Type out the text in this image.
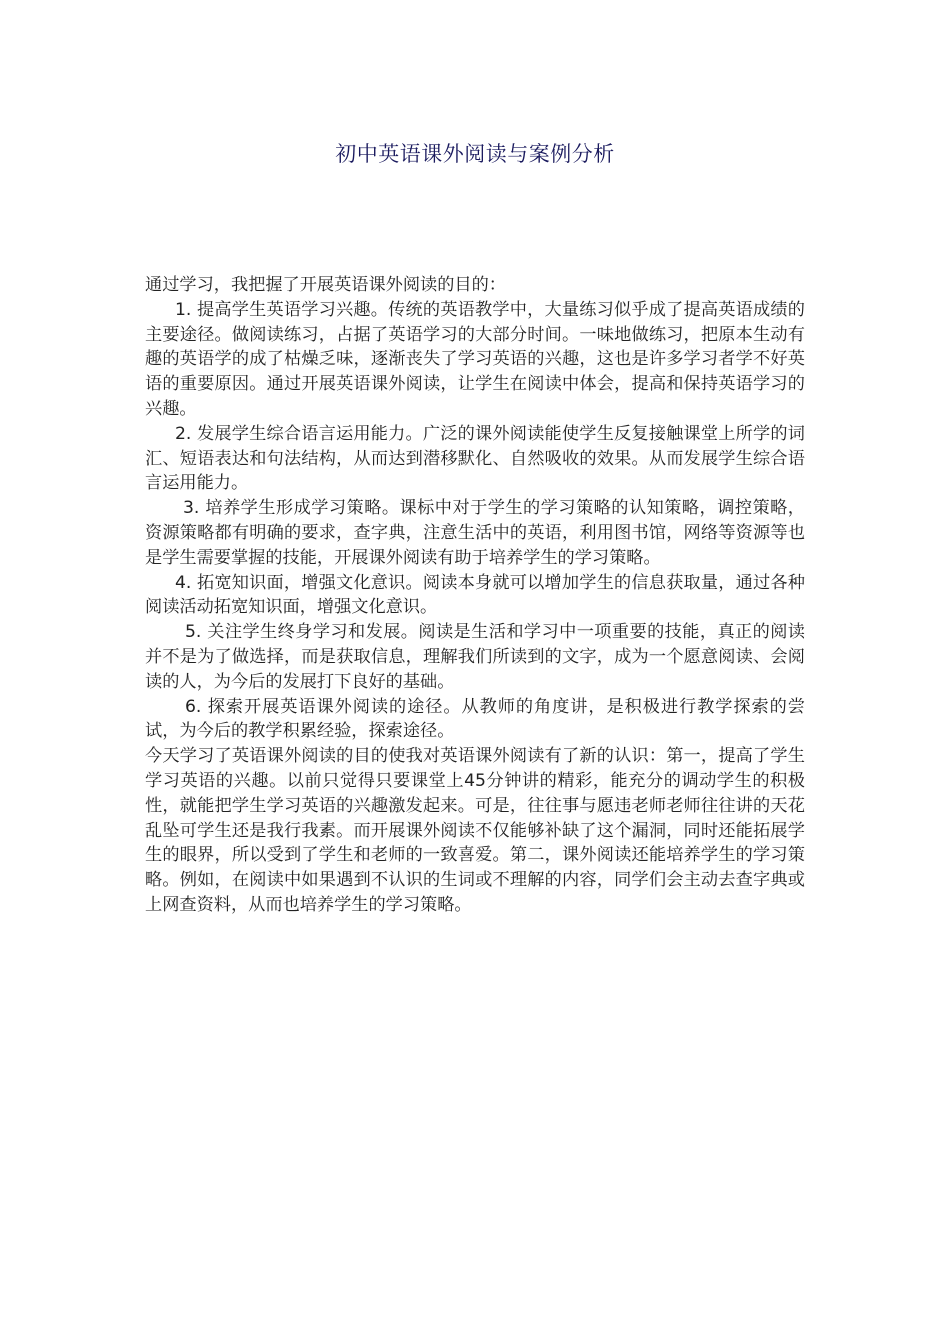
初中英语课外阅读与案例分析

通过学习，我把握了开展英语课外阅读的目的：

1. 提高学生英语学习兴趣。传统的英语教学中，大量练习似乎成了提高英语成绩的主要途径。做阅读练习，占据了英语学习的大部分时间。一味地做练习，把原本生动有趣的英语学的成了枯燥乏味，逐渐丧失了学习英语的兴趣，这也是许多学习者学不好英语的重要原因。通过开展英语课外阅读，让学生在阅读中体会，提高和保持英语学习的兴趣。

2. 发展学生综合语言运用能力。广泛的课外阅读能使学生反复接触课堂上所学的词汇、短语表达和句法结构，从而达到潜移默化、自然吸收的效果。从而发展学生综合语言运用能力。

3. 培养学生形成学习策略。课标中对于学生的学习策略的认知策略，调控策略，资源策略都有明确的要求，查字典，注意生活中的英语，利用图书馆，网络等资源等也是学生需要掌握的技能，开展课外阅读有助于培养学生的学习策略。

4. 拓宽知识面，增强文化意识。阅读本身就可以增加学生的信息获取量，通过各种阅读活动拓宽知识面，增强文化意识。

5. 关注学生终身学习和发展。阅读是生活和学习中一项重要的技能，真正的阅读并不是为了做选择，而是获取信息，理解我们所读到的文字，成为一个愿意阅读、会阅读的人，为今后的发展打下良好的基础。

6. 探索开展英语课外阅读的途径。从教师的角度讲，是积极进行教学探索的尝试，为今后的教学积累经验，探索途径。

今天学习了英语课外阅读的目的使我对英语课外阅读有了新的认识：第一，提高了学生学习英语的兴趣。以前只觉得只要课堂上45分钟讲的精彩，能充分的调动学生的积极性，就能把学生学习英语的兴趣激发起来。可是，往往事与愿违老师老师往往讲的天花乱坠可学生还是我行我素。而开展课外阅读不仅能够补缺了这个漏洞，同时还能拓展学生的眼界，所以受到了学生和老师的一致喜爱。第二，课外阅读还能培养学生的学习策略。例如，在阅读中如果遇到不认识的生词或不理解的内容，同学们会主动去查字典或上网查资料，从而也培养学生的学习策略。
